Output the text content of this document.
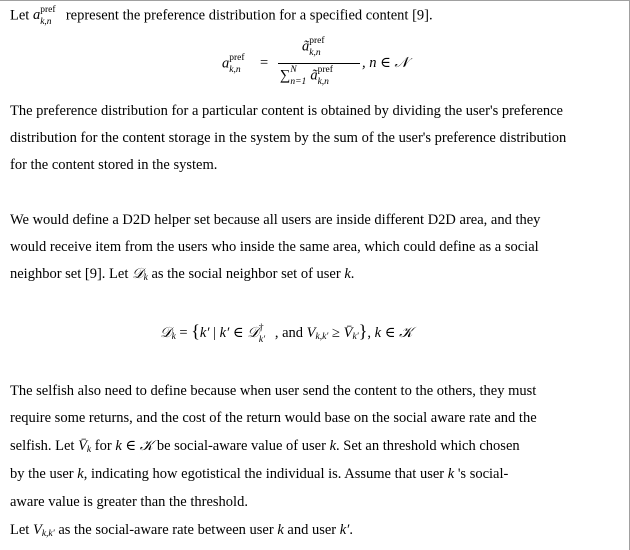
Let a pref
k,n represent the preference distribution for a specified content [9].
a pref
k,n =
ã pref
k,n
∑ N
n=1 ã pref
k,n
, n ∈ 𝒩
The preference distribution for a particular content is obtained by dividing the user's preference
distribution for the content storage in the system by the sum of the user's preference distribution
for the content stored in the system.
We would define a D2D helper set because all users are inside different D2D area, and they
would receive item from the users who inside the same area, which could define as a social
neighbor set [9]. Let 𝒟$_k$ as the social neighbor set of user k.
𝒟$_k$ = {k′ | k′ ∈ 𝒟 †
k′ , and $V_{k,k'}$ ≥ $V̄_{k'}$}, k ∈ 𝒦
The selfish also need to define because when user send the content to the others, they must
require some returns, and the cost of the return would base on the social aware rate and the
selfish. Let $V̄_k$ for k ∈ 𝒦 be social-aware value of user k. Set an threshold which chosen
by the user k, indicating how egotistical the individual is. Assume that user k 's social-
aware value is greater than the threshold.
Let $V_{k,k'}$ as the social-aware rate between user k and user k′.
